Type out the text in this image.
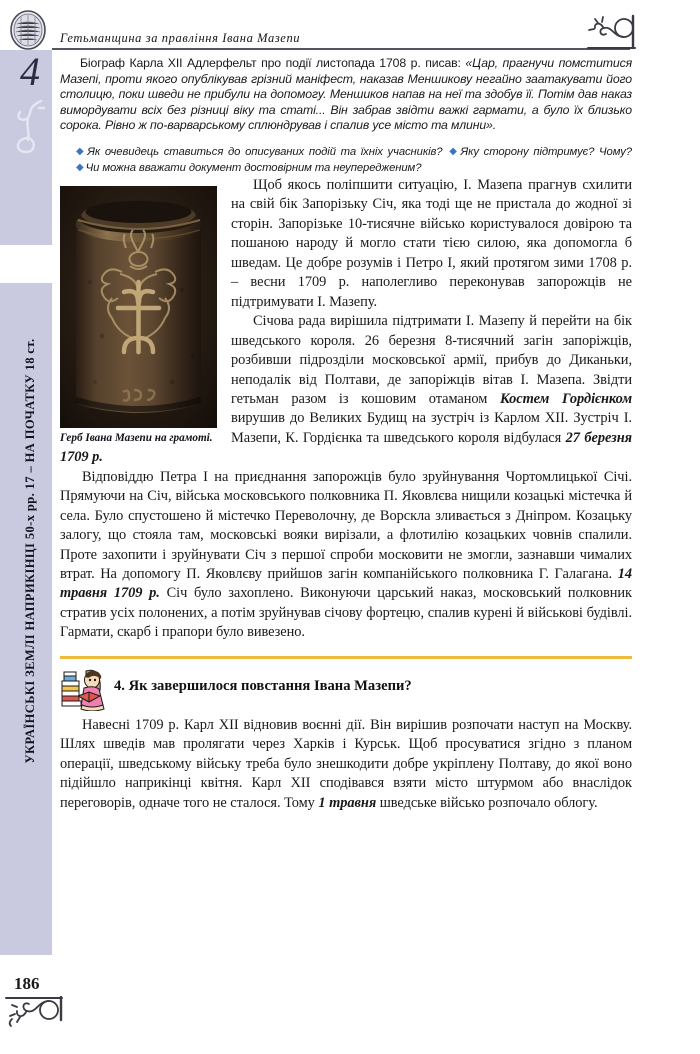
4
УКРАЇНСЬКІ ЗЕМЛІ НАПРИКІНЦІ 50-х рр. 17 – НА ПОЧАТКУ 18 ст.
Гетьманщина за правління Івана Мазепи

Біограф Карла XII Адлерфельт про події листопада 1708 р. писав: «Цар, прагнучи помститися Мазепі, проти якого опублікував грізний маніфест, наказав Меншикову негайно заатакувати його столицю, поки шведи не прибули на допомогу. Меншиков напав на неї та здобув її. Потім дав наказ вимордувати всіх без різниці віку та статі... Він забрав звідти важкі гармати, а було їх близько сорока. Рівно ж по-варварському сплюндрував і спалив усе місто та млини».

◆ Як очевидець ставиться до описуваних подій та їхніх учасників? ◆ Яку сторону підтримує? Чому? ◆ Чи можна вважати документ достовірним та неупередженим?

Герб Івана Мазепи на грамоті.

Щоб якось поліпшити ситуацію, І. Мазепа прагнув схилити на свій бік Запорізьку Січ, яка тоді ще не пристала до жодної зі сторін. Запорізьке 10-тисячне військо користувалося довірою та пошаною народу й могло стати тією силою, яка допомогла б шведам. Це добре розумів і Петро І, який протягом зими 1708 р. – весни 1709 р. наполегливо переконував запорожців не підтримувати І. Мазепу.

Січова рада вирішила підтримати І. Мазепу й перейти на бік шведського короля. 26 березня 8-тисячний загін запоріжців, розбивши підрозділи московської армії, прибув до Диканьки, неподалік від Полтави, де запоріжців вітав І. Мазепа. Звідти гетьман разом із кошовим отаманом Костем Гордієнком вирушив до Великих Будищ на зустріч із Карлом XII. Зустріч І. Мазепи, К. Гордієнка та шведського короля відбулася 27 березня 1709 р.

Відповіддю Петра І на приєднання запорожців було зруйнування Чортомлицької Січі. Прямуючи на Січ, війська московського полковника П. Яковлєва нищили козацькі містечка й села. Було спустошено й містечко Переволочну, де Ворскла зливається з Дніпром. Козацьку залогу, що стояла там, московські вояки вирізали, а флотилію козацьких човнів спалили. Проте захопити і зруйнувати Січ з першої спроби московити не змогли, зазнавши чималих втрат. На допомогу П. Яковлєву прийшов загін компанійського полковника Г. Галагана. 14 травня 1709 р. Січ було захоплено. Виконуючи царський наказ, московський полковник стратив усіх полонених, а потім зруйнував січову фортецю, спалив курені й військові будівлі. Гармати, скарб і прапори було вивезено.

4. Як завершилося повстання Івана Мазепи?

Навесні 1709 р. Карл XII відновив воєнні дії. Він вирішив розпочати наступ на Москву. Шлях шведів мав пролягати через Харків і Курськ. Щоб просуватися згідно з планом операції, шведському війську треба було знешкодити добре укріплену Полтаву, до якої воно підійшло наприкінці квітня. Карл XII сподівався взяти місто штурмом або внаслідок переговорів, одначе того не сталося. Тому 1 травня шведське військо розпочало облогу.

186
